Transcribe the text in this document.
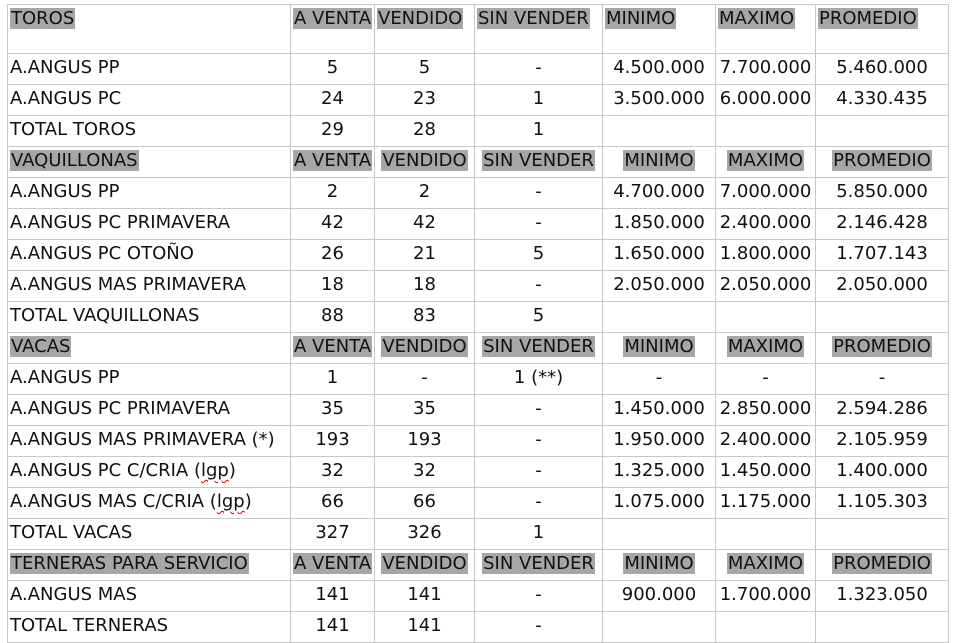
TOROS	A VENTA	VENDIDO	SIN VENDER	MINIMO	MAXIMO	PROMEDIO
A.ANGUS PP	5	5	-	4.500.000	7.700.000	5.460.000
A.ANGUS PC	24	23	1	3.500.000	6.000.000	4.330.435
TOTAL TOROS	29	28	1			
VAQUILLONAS	A VENTA	VENDIDO	SIN VENDER	MINIMO	MAXIMO	PROMEDIO
A.ANGUS PP	2	2	-	4.700.000	7.000.000	5.850.000
A.ANGUS PC PRIMAVERA	42	42	-	1.850.000	2.400.000	2.146.428
A.ANGUS PC OTOÑO	26	21	5	1.650.000	1.800.000	1.707.143
A.ANGUS MAS PRIMAVERA	18	18	-	2.050.000	2.050.000	2.050.000
TOTAL VAQUILLONAS	88	83	5			
VACAS	A VENTA	VENDIDO	SIN VENDER	MINIMO	MAXIMO	PROMEDIO
A.ANGUS PP	1	-	1 (**)	-	-	-
A.ANGUS PC PRIMAVERA	35	35	-	1.450.000	2.850.000	2.594.286
A.ANGUS MAS PRIMAVERA (*)	193	193	-	1.950.000	2.400.000	2.105.959
A.ANGUS PC C/CRIA (lgp)	32	32	-	1.325.000	1.450.000	1.400.000
A.ANGUS MAS C/CRIA (lgp)	66	66	-	1.075.000	1.175.000	1.105.303
TOTAL VACAS	327	326	1			
TERNERAS PARA SERVICIO	A VENTA	VENDIDO	SIN VENDER	MINIMO	MAXIMO	PROMEDIO
A.ANGUS MAS	141	141	-	900.000	1.700.000	1.323.050
TOTAL TERNERAS	141	141	-			
